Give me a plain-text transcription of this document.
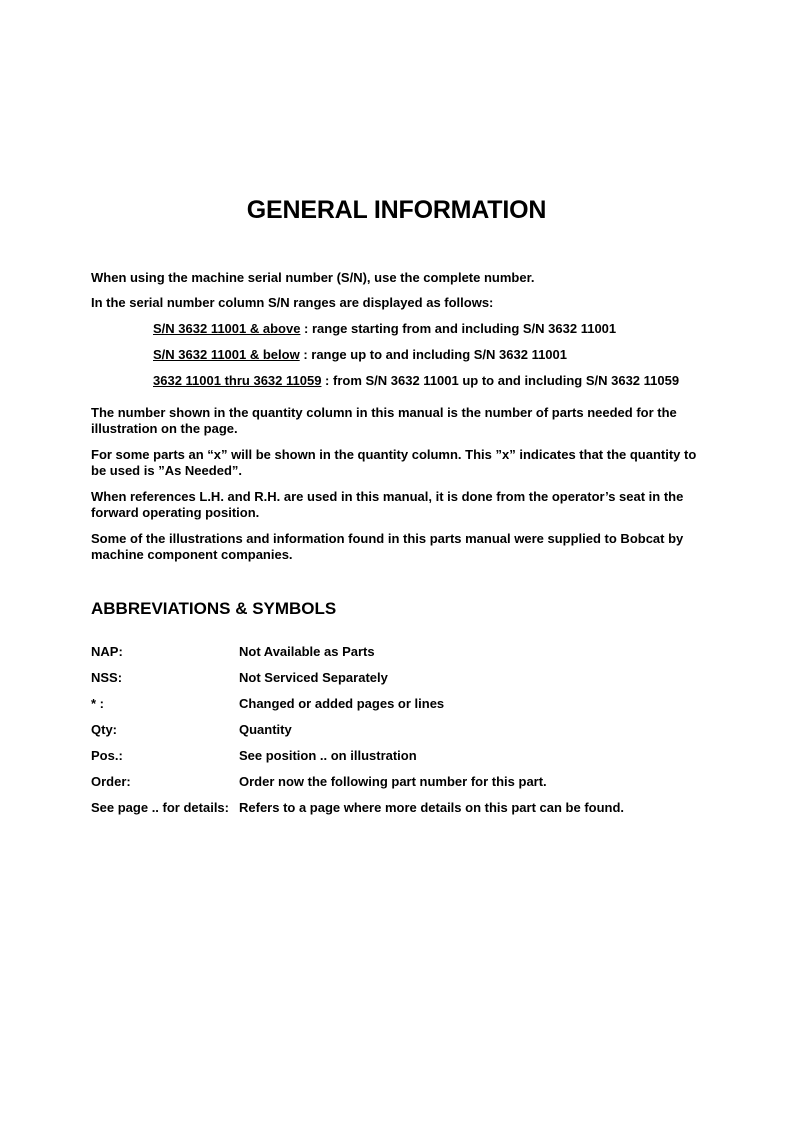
GENERAL INFORMATION

When using the machine serial number (S/N), use the complete number.

In the serial number column S/N ranges are displayed as follows:

S/N 3632 11001 & above : range starting from and including S/N 3632 11001

S/N 3632 11001 & below : range up to and including S/N 3632 11001

3632 11001 thru 3632 11059 : from S/N 3632 11001 up to and including S/N 3632 11059

The number shown in the quantity column in this manual is the number of parts needed for the illustration on the page.

For some parts an “x” will be shown in the quantity column. This ”x” indicates that the quantity to be used is ”As Needed”.

When references L.H. and R.H. are used in this manual, it is done from the operator’s seat in the forward operating position.

Some of the illustrations and information found in this parts manual were supplied to Bobcat by machine component companies.

ABBREVIATIONS & SYMBOLS
NAP:	Not Available as Parts
NSS:	Not Serviced Separately
* :	Changed or added pages or lines
Qty:	Quantity
Pos.:	See position .. on illustration
Order:	Order now the following part number for this part.
See page .. for details: Refers to a page where more details on this part can be found.
